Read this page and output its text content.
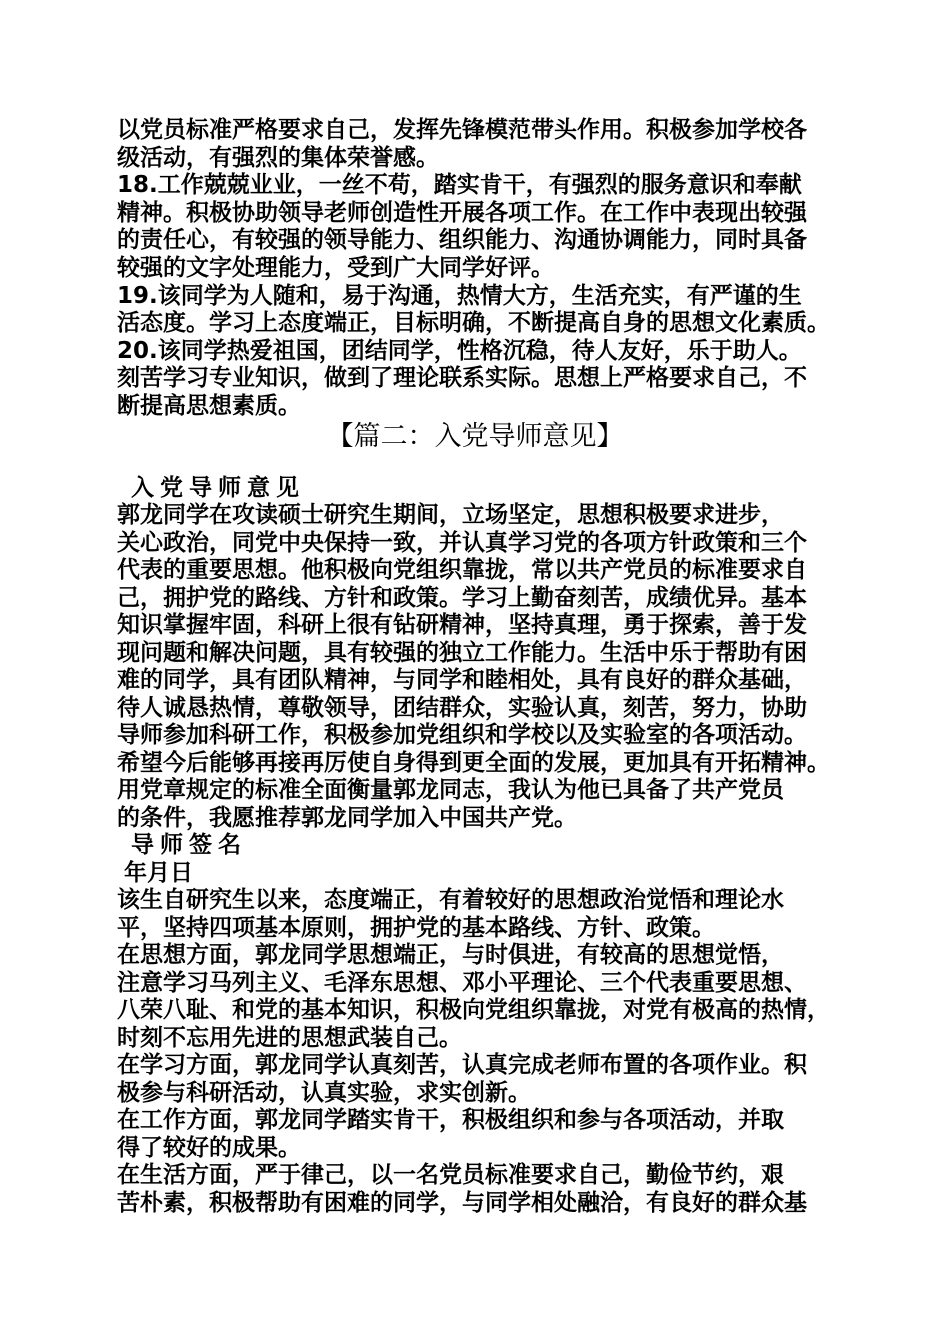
以党员标准严格要求自己，发挥先锋模范带头作用。积极参加学校各
级活动，有强烈的集体荣誉感。
18.工作兢兢业业，一丝不苟，踏实肯干，有强烈的服务意识和奉献
精神。积极协助领导老师创造性开展各项工作。在工作中表现出较强
的责任心，有较强的领导能力、组织能力、沟通协调能力，同时具备
较强的文字处理能力，受到广大同学好评。
19.该同学为人随和，易于沟通，热情大方，生活充实，有严谨的生
活态度。学习上态度端正，目标明确，不断提高自身的思想文化素质。
20.该同学热爱祖国，团结同学，性格沉稳，待人友好，乐于助人。
刻苦学习专业知识，做到了理论联系实际。思想上严格要求自己，不
断提高思想素质。
【篇二：入党导师意见】
入党导师意见
郭龙同学在攻读硕士研究生期间，立场坚定，思想积极要求进步，
关心政治，同党中央保持一致，并认真学习党的各项方针政策和三个
代表的重要思想。他积极向党组织靠拢，常以共产党员的标准要求自
己，拥护党的路线、方针和政策。学习上勤奋刻苦，成绩优异。基本
知识掌握牢固，科研上很有钻研精神，坚持真理，勇于探索，善于发
现问题和解决问题，具有较强的独立工作能力。生活中乐于帮助有困
难的同学，具有团队精神，与同学和睦相处，具有良好的群众基础，
待人诚恳热情，尊敬领导，团结群众，实验认真，刻苦，努力，协助
导师参加科研工作，积极参加党组织和学校以及实验室的各项活动。
希望今后能够再接再厉使自身得到更全面的发展，更加具有开拓精神。
用党章规定的标准全面衡量郭龙同志，我认为他已具备了共产党员
的条件，我愿推荐郭龙同学加入中国共产党。
导师签名
年月日
该生自研究生以来，态度端正，有着较好的思想政治觉悟和理论水
平，坚持四项基本原则，拥护党的基本路线、方针、政策。
在思想方面，郭龙同学思想端正，与时俱进，有较高的思想觉悟，
注意学习马列主义、毛泽东思想、邓小平理论、三个代表重要思想、
八荣八耻、和党的基本知识，积极向党组织靠拢，对党有极高的热情，
时刻不忘用先进的思想武装自己。
在学习方面，郭龙同学认真刻苦，认真完成老师布置的各项作业。积
极参与科研活动，认真实验，求实创新。
在工作方面，郭龙同学踏实肯干，积极组织和参与各项活动，并取
得了较好的成果。
在生活方面，严于律己，以一名党员标准要求自己，勤俭节约，艰
苦朴素，积极帮助有困难的同学，与同学相处融洽，有良好的群众基
